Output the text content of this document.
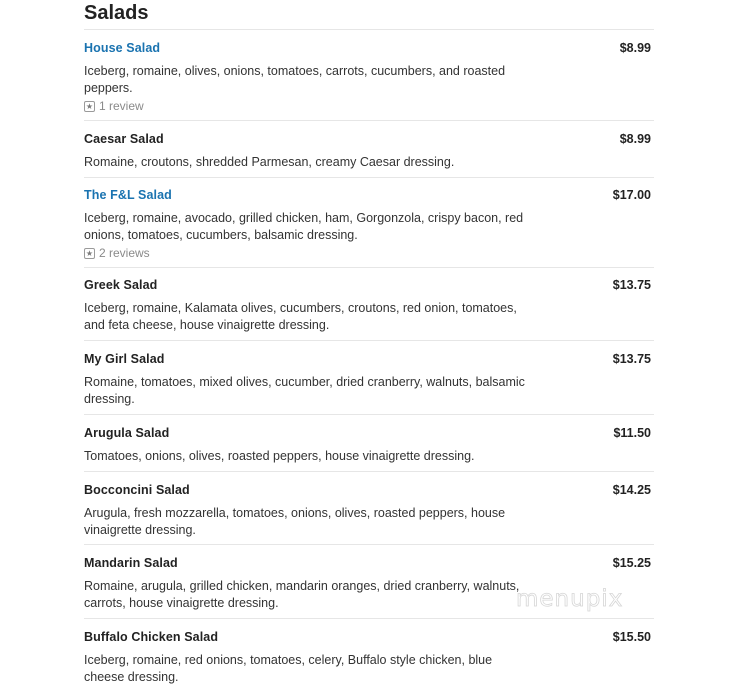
Salads
House Salad	$8.99
Iceberg, romaine, olives, onions, tomatoes, carrots, cucumbers, and roasted peppers.
★ 1 review
Caesar Salad	$8.99
Romaine, croutons, shredded Parmesan, creamy Caesar dressing.
The F&L Salad	$17.00
Iceberg, romaine, avocado, grilled chicken, ham, Gorgonzola, crispy bacon, red onions, tomatoes, cucumbers, balsamic dressing.
★ 2 reviews
Greek Salad	$13.75
Iceberg, romaine, Kalamata olives, cucumbers, croutons, red onion, tomatoes, and feta cheese, house vinaigrette dressing.
My Girl Salad	$13.75
Romaine, tomatoes, mixed olives, cucumber, dried cranberry, walnuts, balsamic dressing.
Arugula Salad	$11.50
Tomatoes, onions, olives, roasted peppers, house vinaigrette dressing.
Bocconcini Salad	$14.25
Arugula, fresh mozzarella, tomatoes, onions, olives, roasted peppers, house vinaigrette dressing.
Mandarin Salad	$15.25
Romaine, arugula, grilled chicken, mandarin oranges, dried cranberry, walnuts, carrots, house vinaigrette dressing.
Buffalo Chicken Salad	$15.50
Iceberg, romaine, red onions, tomatoes, celery, Buffalo style chicken, blue cheese dressing.
menupix
